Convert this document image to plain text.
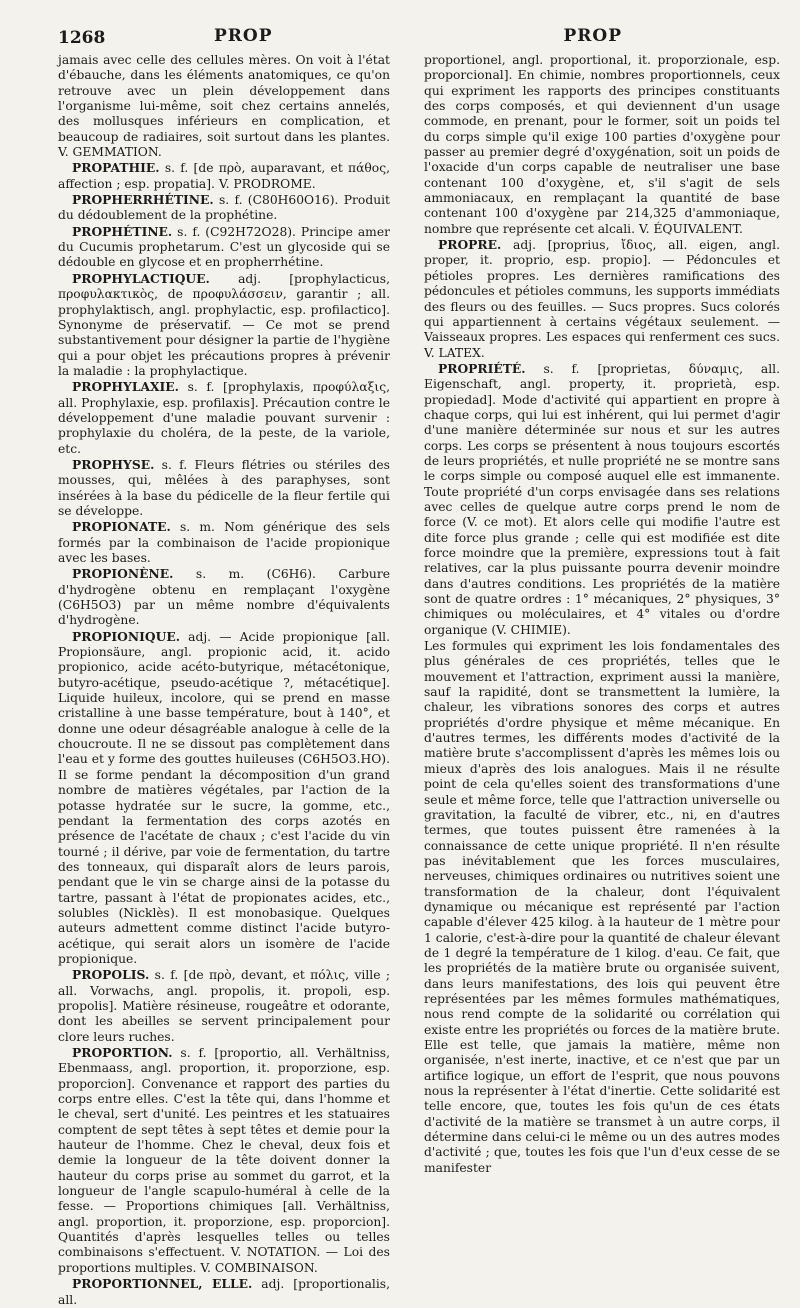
1268	PROP	PROP

jamais avec celle des cellules mères. On voit à l'état d'ébauche, dans les éléments anatomiques, ce qu'on retrouve avec un plein développement dans l'organisme lui-même, soit chez certains annelés, des mollusques inférieurs en complication, et beaucoup de radiaires, soit surtout dans les plantes. V. GEMMATION.

PROPATHIE. s. f. [de πρὸ, auparavant, et πάθος, affection ; esp. propatia]. V. PRODROME.

PROPHERRHÉTINE. s. f. (C80H60O16). Produit du dédoublement de la prophétine.

PROPHÉTINE. s. f. (C92H72O28). Principe amer du Cucumis prophetarum. C'est un glycoside qui se dédouble en glycose et en propherrhétine.

PROPHYLACTIQUE. adj. [prophylacticus, προφυλακτικὸς, de προφυλάσσειν, garantir ; all. prophylaktisch, angl. prophylactic, esp. profilactico]. Synonyme de préservatif. — Ce mot se prend substantivement pour désigner la partie de l'hygiène qui a pour objet les précautions propres à prévenir la maladie : la prophylactique.

PROPHYLAXIE. s. f. [prophylaxis, προφύλαξις, all. Prophylaxie, esp. profilaxis]. Précaution contre le développement d'une maladie pouvant survenir : prophylaxie du choléra, de la peste, de la variole, etc.

PROPHYSE. s. f. Fleurs flétries ou stériles des mousses, qui, mêlées à des paraphyses, sont insérées à la base du pédicelle de la fleur fertile qui se développe.

PROPIONATE. s. m. Nom générique des sels formés par la combinaison de l'acide propionique avec les bases.

PROPIONÈNE. s. m. (C6H6). Carbure d'hydrogène obtenu en remplaçant l'oxygène (C6H5O3) par un même nombre d'équivalents d'hydrogène.

PROPIONIQUE. adj. — Acide propionique [all. Propionsäure, angl. propionic acid, it. acido propionico, acide acéto-butyrique, métacétonique, butyro-acétique, pseudo-acétique ?, métacétique]. Liquide huileux, incolore, qui se prend en masse cristalline à une basse température, bout à 140°, et donne une odeur désagréable analogue à celle de la choucroute. Il ne se dissout pas complètement dans l'eau et y forme des gouttes huileuses (C6H5O3.HO). Il se forme pendant la décomposition d'un grand nombre de matières végétales, par l'action de la potasse hydratée sur le sucre, la gomme, etc., pendant la fermentation des corps azotés en présence de l'acétate de chaux ; c'est l'acide du vin tourné ; il dérive, par voie de fermentation, du tartre des tonneaux, qui disparaît alors de leurs parois, pendant que le vin se charge ainsi de la potasse du tartre, passant à l'état de propionates acides, etc., solubles (Nicklès). Il est monobasique. Quelques auteurs admettent comme distinct l'acide butyro-acétique, qui serait alors un isomère de l'acide propionique.

PROPOLIS. s. f. [de πρὸ, devant, et πόλις, ville ; all. Vorwachs, angl. propolis, it. propoli, esp. propolis]. Matière résineuse, rougeâtre et odorante, dont les abeilles se servent principalement pour clore leurs ruches.

PROPORTION. s. f. [proportio, all. Verhältniss, Ebenmaass, angl. proportion, it. proporzione, esp. proporcion]. Convenance et rapport des parties du corps entre elles. C'est la tête qui, dans l'homme et le cheval, sert d'unité. Les peintres et les statuaires comptent de sept têtes à sept têtes et demie pour la hauteur de l'homme. Chez le cheval, deux fois et demie la longueur de la tête doivent donner la hauteur du corps prise au sommet du garrot, et la longueur de l'angle scapulo-huméral à celle de la fesse. — Proportions chimiques [all. Verhältniss, angl. proportion, it. proporzione, esp. proporcion]. Quantités d'après lesquelles telles ou telles combinaisons s'effectuent. V. NOTATION. — Loi des proportions multiples. V. COMBINAISON.

PROPORTIONNEL, ELLE. adj. [proportionalis, all.

proportionel, angl. proportional, it. proporzionale, esp. proporcional]. En chimie, nombres proportionnels, ceux qui expriment les rapports des principes constituants des corps composés, et qui deviennent d'un usage commode, en prenant, pour le former, soit un poids tel du corps simple qu'il exige 100 parties d'oxygène pour passer au premier degré d'oxygénation, soit un poids de l'oxacide d'un corps capable de neutraliser une base contenant 100 d'oxygène, et, s'il s'agit de sels ammoniacaux, en remplaçant la quantité de base contenant 100 d'oxygène par 214,325 d'ammoniaque, nombre que représente cet alcali. V. ÉQUIVALENT.

PROPRE. adj. [proprius, ἴδιος, all. eigen, angl. proper, it. proprio, esp. propio]. — Pédoncules et pétioles propres. Les dernières ramifications des pédoncules et pétioles communs, les supports immédiats des fleurs ou des feuilles. — Sucs propres. Sucs colorés qui appartiennent à certains végétaux seulement. — Vaisseaux propres. Les espaces qui renferment ces sucs. V. LATEX.

PROPRIÉTÉ. s. f. [proprietas, δύναμις, all. Eigenschaft, angl. property, it. proprietà, esp. propiedad]. Mode d'activité qui appartient en propre à chaque corps, qui lui est inhérent, qui lui permet d'agir d'une manière déterminée sur nous et sur les autres corps. Les corps se présentent à nous toujours escortés de leurs propriétés, et nulle propriété ne se montre sans le corps simple ou composé auquel elle est immanente. Toute propriété d'un corps envisagée dans ses relations avec celles de quelque autre corps prend le nom de force (V. ce mot). Et alors celle qui modifie l'autre est dite force plus grande ; celle qui est modifiée est dite force moindre que la première, expressions tout à fait relatives, car la plus puissante pourra devenir moindre dans d'autres conditions. Les propriétés de la matière sont de quatre ordres : 1° mécaniques, 2° physiques, 3° chimiques ou moléculaires, et 4° vitales ou d'ordre organique (V. CHIMIE).

Les formules qui expriment les lois fondamentales des plus générales de ces propriétés, telles que le mouvement et l'attraction, expriment aussi la manière, sauf la rapidité, dont se transmettent la lumière, la chaleur, les vibrations sonores des corps et autres propriétés d'ordre physique et même mécanique. En d'autres termes, les différents modes d'activité de la matière brute s'accomplissent d'après les mêmes lois ou mieux d'après des lois analogues. Mais il ne résulte point de cela qu'elles soient des transformations d'une seule et même force, telle que l'attraction universelle ou gravitation, la faculté de vibrer, etc., ni, en d'autres termes, que toutes puissent être ramenées à la connaissance de cette unique propriété. Il n'en résulte pas inévitablement que les forces musculaires, nerveuses, chimiques ordinaires ou nutritives soient une transformation de la chaleur, dont l'équivalent dynamique ou mécanique est représenté par l'action capable d'élever 425 kilog. à la hauteur de 1 mètre pour 1 calorie, c'est-à-dire pour la quantité de chaleur élevant de 1 degré la température de 1 kilog. d'eau. Ce fait, que les propriétés de la matière brute ou organisée suivent, dans leurs manifestations, des lois qui peuvent être représentées par les mêmes formules mathématiques, nous rend compte de la solidarité ou corrélation qui existe entre les propriétés ou forces de la matière brute. Elle est telle, que jamais la matière, même non organisée, n'est inerte, inactive, et ce n'est que par un artifice logique, un effort de l'esprit, que nous pouvons nous la représenter à l'état d'inertie. Cette solidarité est telle encore, que, toutes les fois qu'un de ces états d'activité de la matière se transmet à un autre corps, il détermine dans celui-ci le même ou un des autres modes d'activité ; que, toutes les fois que l'un d'eux cesse de se manifester
